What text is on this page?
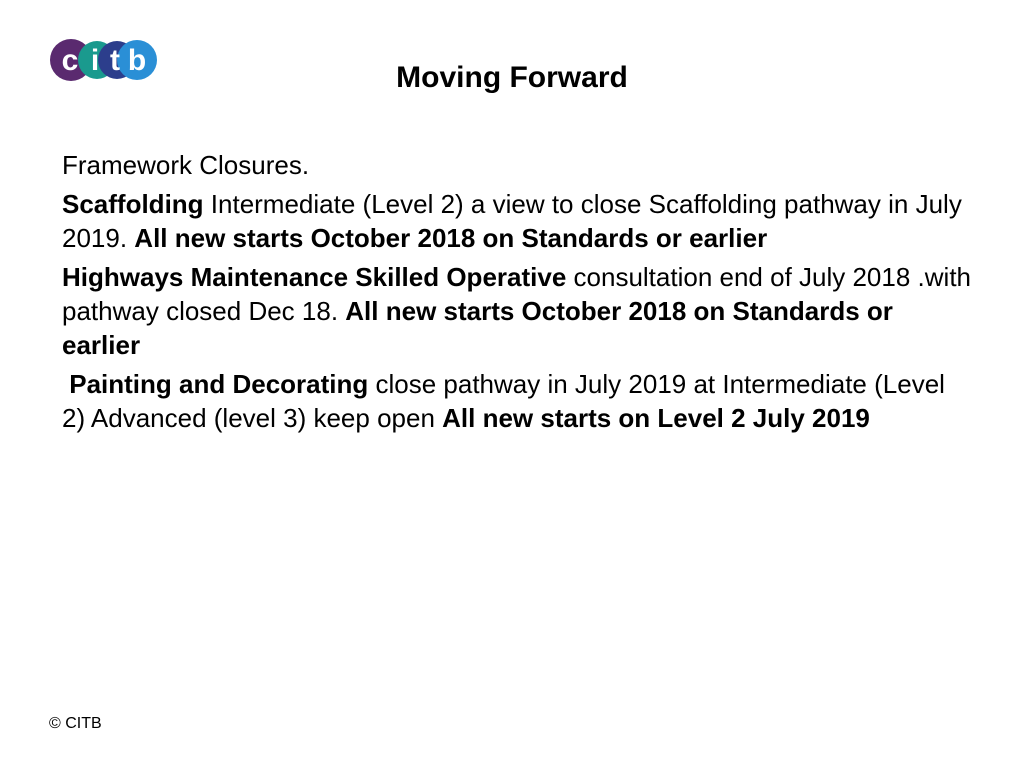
c i t b
Moving Forward

Framework Closures.

Scaffolding Intermediate (Level 2) a view to close Scaffolding pathway in July 2019. All new starts October 2018 on Standards or earlier

Highways Maintenance Skilled Operative consultation end of July 2018 .with pathway closed Dec 18. All new starts October 2018 on Standards or earlier

Painting and Decorating close pathway in July 2019 at Intermediate (Level 2) Advanced (level 3) keep open All new starts on Level 2 July 2019

© CITB
